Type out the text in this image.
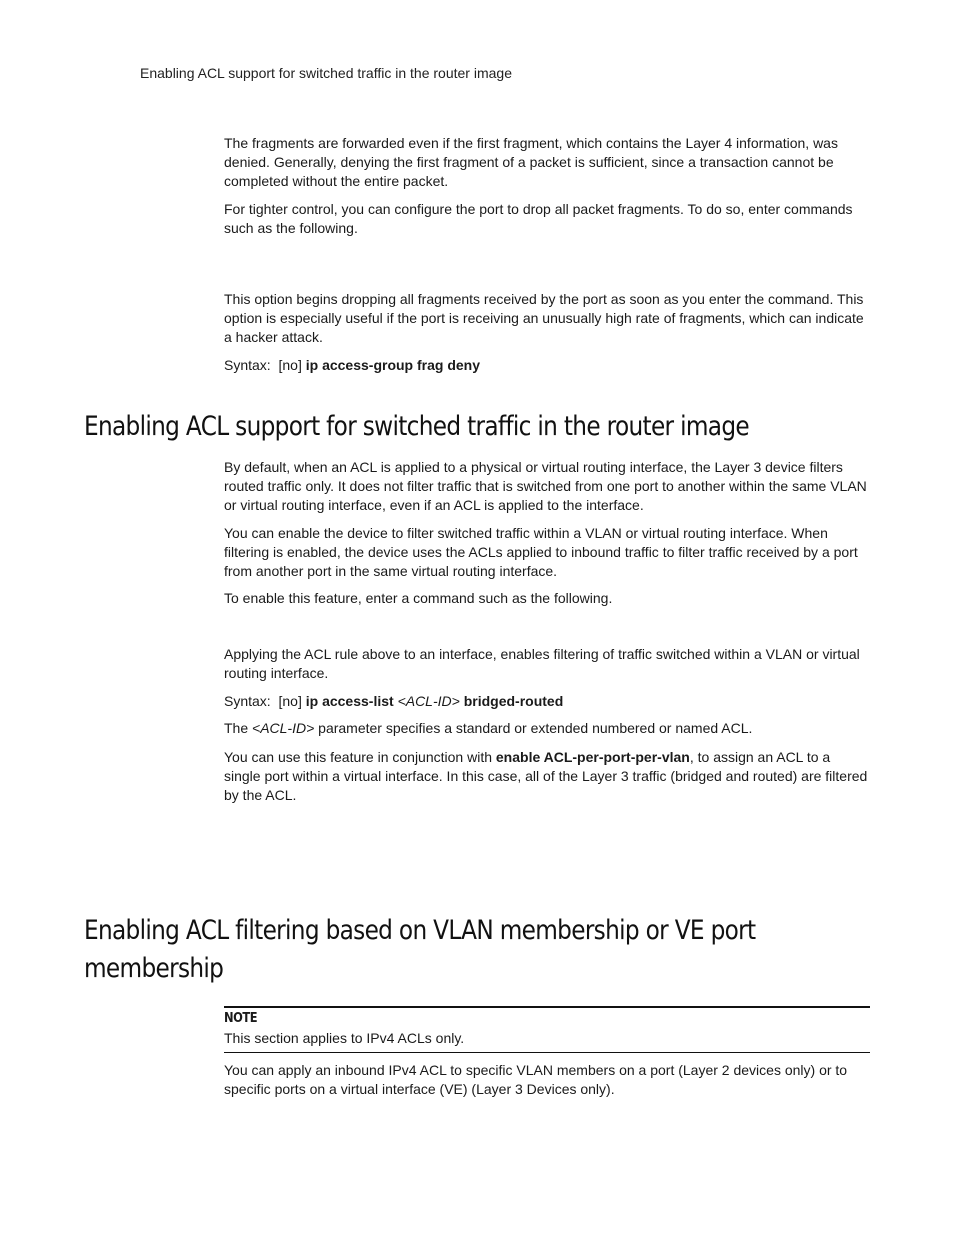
Enabling ACL support for switched traffic in the router image

The fragments are forwarded even if the first fragment, which contains the Layer 4 information, was denied. Generally, denying the first fragment of a packet is sufficient, since a transaction cannot be completed without the entire packet.

For tighter control, you can configure the port to drop all packet fragments. To do so, enter commands such as the following.

This option begins dropping all fragments received by the port as soon as you enter the command. This option is especially useful if the port is receiving an unusually high rate of fragments, which can indicate a hacker attack.

Syntax: [no] ip access-group frag deny

Enabling ACL support for switched traffic in the router image

By default, when an ACL is applied to a physical or virtual routing interface, the Layer 3 device filters routed traffic only. It does not filter traffic that is switched from one port to another within the same VLAN or virtual routing interface, even if an ACL is applied to the interface.

You can enable the device to filter switched traffic within a VLAN or virtual routing interface. When filtering is enabled, the device uses the ACLs applied to inbound traffic to filter traffic received by a port from another port in the same virtual routing interface.

To enable this feature, enter a command such as the following.

Applying the ACL rule above to an interface, enables filtering of traffic switched within a VLAN or virtual routing interface.

Syntax: [no] ip access-list <ACL-ID> bridged-routed

The <ACL-ID> parameter specifies a standard or extended numbered or named ACL.

You can use this feature in conjunction with enable ACL-per-port-per-vlan, to assign an ACL to a single port within a virtual interface. In this case, all of the Layer 3 traffic (bridged and routed) are filtered by the ACL.

Enabling ACL filtering based on VLAN membership or VE port
membership
NOTE
This section applies to IPv4 ACLs only.

You can apply an inbound IPv4 ACL to specific VLAN members on a port (Layer 2 devices only) or to specific ports on a virtual interface (VE) (Layer 3 Devices only).
